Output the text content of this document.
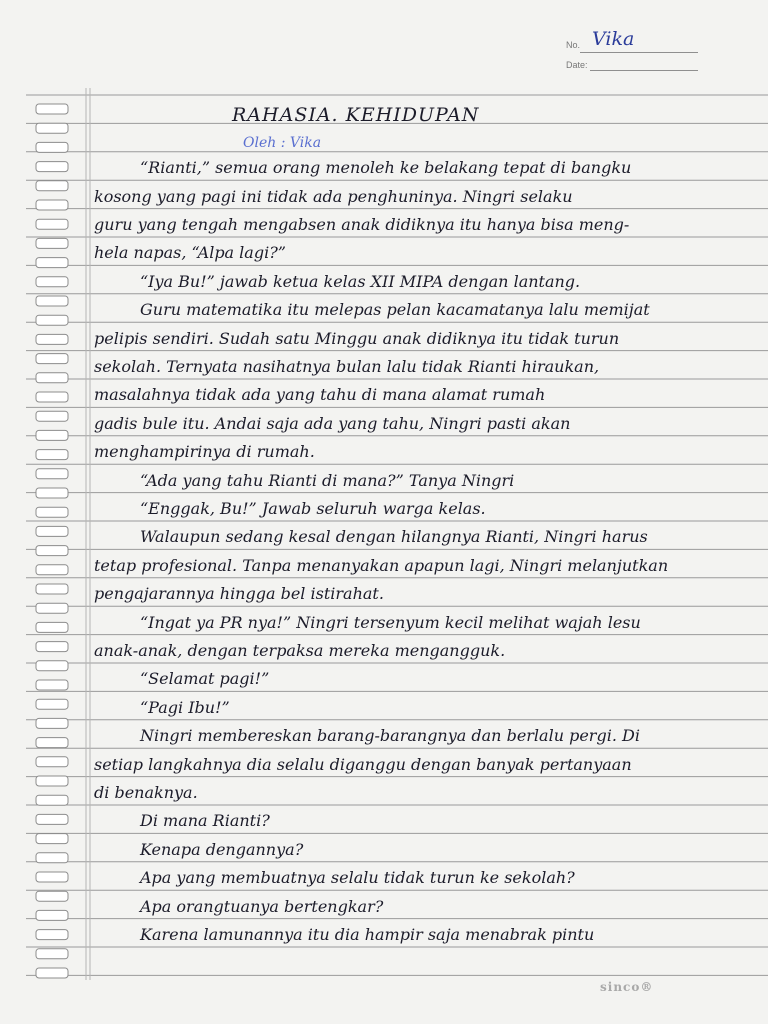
No. Vika
Date:
RAHASIA. KEHIDUPAN
Oleh : Vika
“Rianti,” semua orang menoleh ke belakang tepat di bangku
kosong yang pagi ini tidak ada penghuninya. Ningri selaku
guru yang tengah mengabsen anak didiknya itu hanya bisa meng-
hela napas, “Alpa lagi?”
“Iya Bu!” jawab ketua kelas XII MIPA dengan lantang.
Guru matematika itu melepas pelan kacamatanya lalu memijat
pelipis sendiri. Sudah satu Minggu anak didiknya itu tidak turun
sekolah. Ternyata nasihatnya bulan lalu tidak Rianti hiraukan,
masalahnya tidak ada yang tahu di mana alamat rumah
gadis bule itu. Andai saja ada yang tahu, Ningri pasti akan
menghampirinya di rumah.
“Ada yang tahu Rianti di mana?” Tanya Ningri
“Enggak, Bu!” Jawab seluruh warga kelas.
Walaupun sedang kesal dengan hilangnya Rianti, Ningri harus
tetap profesional. Tanpa menanyakan apapun lagi, Ningri melanjutkan
pengajarannya hingga bel istirahat.
“Ingat ya PR nya!” Ningri tersenyum kecil melihat wajah lesu
anak-anak, dengan terpaksa mereka mengangguk.
“Selamat pagi!”
“Pagi Ibu!”
Ningri membereskan barang-barangnya dan berlalu pergi. Di
setiap langkahnya dia selalu diganggu dengan banyak pertanyaan
di benaknya.
Di mana Rianti?
Kenapa dengannya?
Apa yang membuatnya selalu tidak turun ke sekolah?
Apa orangtuanya bertengkar?
Karena lamunannya itu dia hampir saja menabrak pintu
sinco®
